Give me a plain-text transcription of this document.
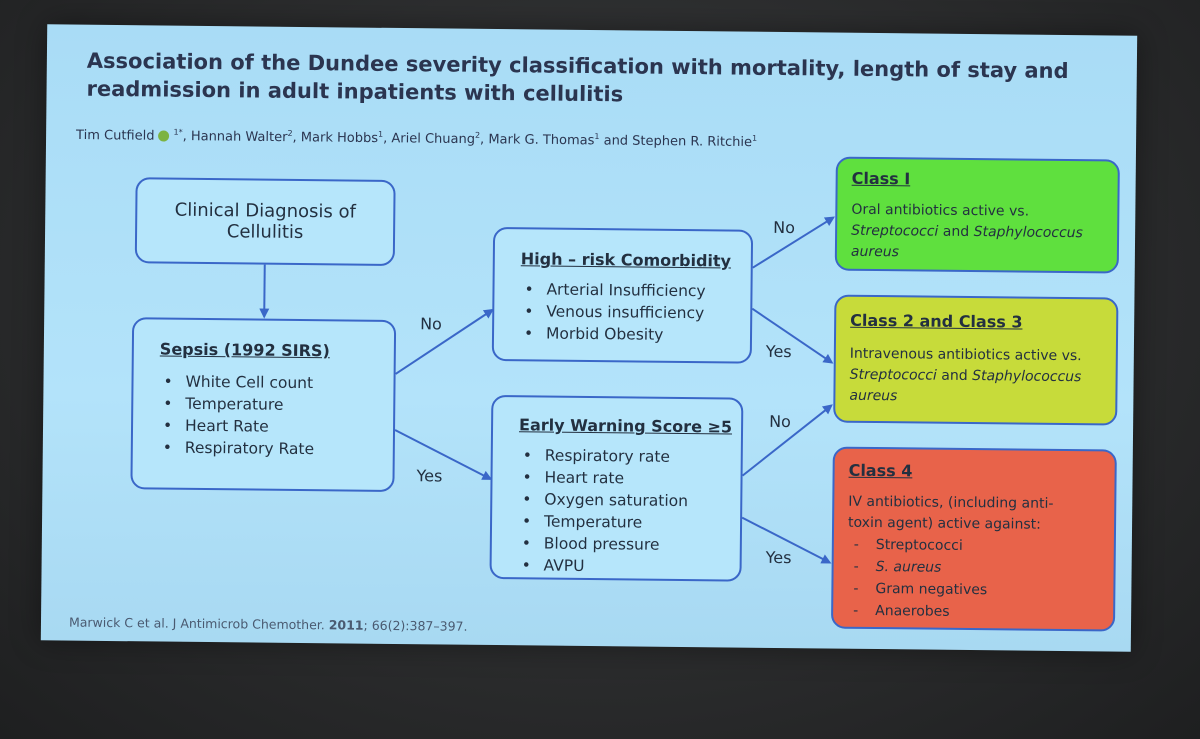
Association of the Dundee severity classification with mortality, length of stay and readmission in adult inpatients with cellulitis
Tim Cutfield $^{1*}$, Hannah Walter$^2$, Mark Hobbs$^1$, Ariel Chuang$^2$, Mark G. Thomas$^1$ and Stephen R. Ritchie$^1$
Clinical Diagnosis of Cellulitis
Sepsis (1992 SIRS)
• White Cell count
• Temperature
• Heart Rate
• Respiratory Rate
High – risk Comorbidity
• Arterial Insufficiency
• Venous insufficiency
• Morbid Obesity
Early Warning Score ≥5
• Respiratory rate
• Heart rate
• Oxygen saturation
• Temperature
• Blood pressure
• AVPU
Class I
Oral antibiotics active vs.
Streptococci and Staphylococcus
aureus
Class 2 and Class 3
Intravenous antibiotics active vs.
Streptococci and Staphylococcus
aureus
Class 4
IV antibiotics, (including anti-
toxin agent) active against:
- Streptococci
- S. aureus
- Gram negatives
- Anaerobes
No
Yes
No
Yes
No
Yes
Marwick C et al. J Antimicrob Chemother. 2011; 66(2):387–397.
